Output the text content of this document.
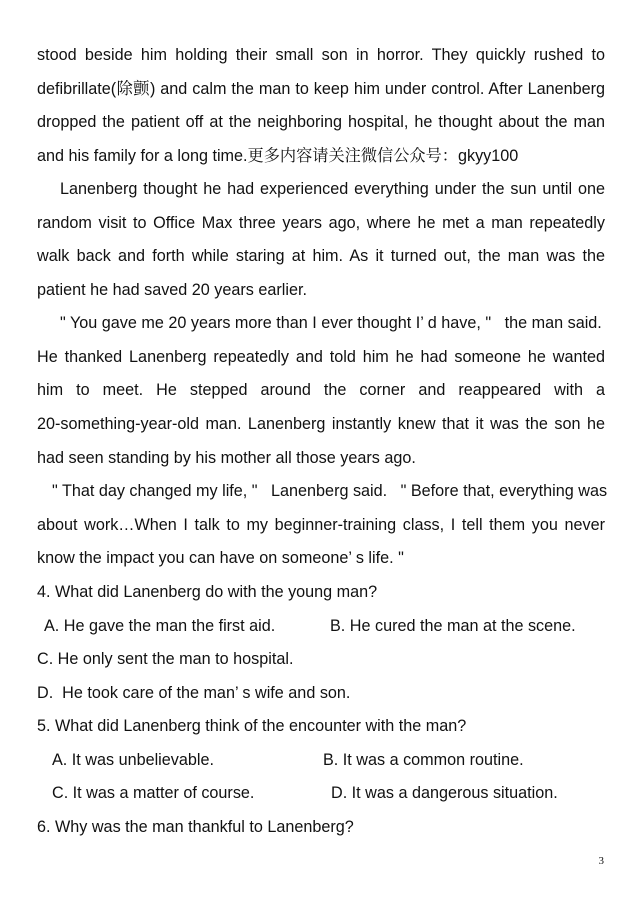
stood beside him holding their small son in horror. They quickly rushed to
defibrillate(除颤) and calm the man to keep him under control. After Lanenberg
dropped the patient off at the neighboring hospital, he thought about the man
and his family for a long time.更多内容请关注微信公众号：gkyy100
Lanenberg thought he had experienced everything under the sun until one
random visit to Office Max three years ago, where he met a man repeatedly
walk back and forth while staring at him. As it turned out, the man was the
patient he had saved 20 years earlier.
" You gave me 20 years more than I ever thought I’ d have, "   the man said.
He thanked Lanenberg repeatedly and told him he had someone he wanted
him to meet. He stepped around the corner and reappeared with a
20-something-year-old man. Lanenberg instantly knew that it was the son he
had seen standing by his mother all those years ago.
" That day changed my life, "   Lanenberg said.   " Before that, everything was
about work…When I talk to my beginner-training class, I tell them you never
know the impact you can have on someone’ s life. "
4. What did Lanenberg do with the young man?
A. He gave the man the first aid.	B. He cured the man at the scene.
C. He only sent the man to hospital.
D.  He took care of the man’ s wife and son.
5. What did Lanenberg think of the encounter with the man?
A. It was unbelievable.	B. It was a common routine.
C. It was a matter of course.	D. It was a dangerous situation.
6. Why was the man thankful to Lanenberg?
3
